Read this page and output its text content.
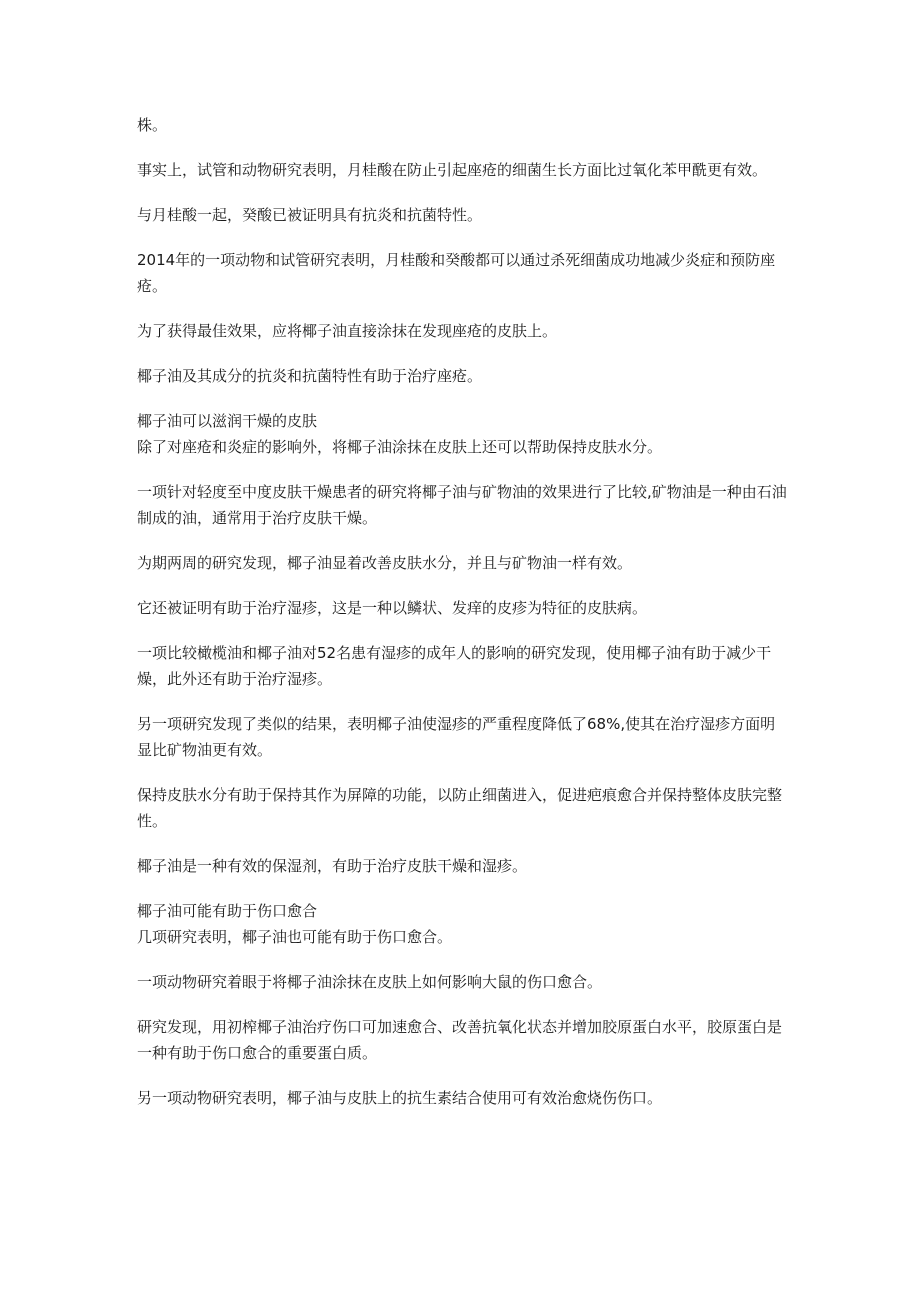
株。

事实上，试管和动物研究表明，月桂酸在防止引起座疮的细菌生长方面比过氧化苯甲酰更有效。

与月桂酸一起，癸酸已被证明具有抗炎和抗菌特性。

2014年的一项动物和试管研究表明，月桂酸和癸酸都可以通过杀死细菌成功地减少炎症和预防座疮。

为了获得最佳效果，应将椰子油直接涂抹在发现座疮的皮肤上。

椰子油及其成分的抗炎和抗菌特性有助于治疗座疮。

椰子油可以滋润干燥的皮肤

除了对座疮和炎症的影响外，将椰子油涂抹在皮肤上还可以帮助保持皮肤水分。

一项针对轻度至中度皮肤干燥患者的研究将椰子油与矿物油的效果进行了比较,矿物油是一种由石油制成的油，通常用于治疗皮肤干燥。

为期两周的研究发现，椰子油显着改善皮肤水分，并且与矿物油一样有效。

它还被证明有助于治疗湿疹，这是一种以鳞状、发痒的皮疹为特征的皮肤病。

一项比较橄榄油和椰子油对52名患有湿疹的成年人的影响的研究发现，使用椰子油有助于减少干燥，此外还有助于治疗湿疹。

另一项研究发现了类似的结果，表明椰子油使湿疹的严重程度降低了68%,使其在治疗湿疹方面明显比矿物油更有效。

保持皮肤水分有助于保持其作为屏障的功能，以防止细菌进入，促进疤痕愈合并保持整体皮肤完整性。

椰子油是一种有效的保湿剂，有助于治疗皮肤干燥和湿疹。

椰子油可能有助于伤口愈合

几项研究表明，椰子油也可能有助于伤口愈合。

一项动物研究着眼于将椰子油涂抹在皮肤上如何影响大鼠的伤口愈合。

研究发现，用初榨椰子油治疗伤口可加速愈合、改善抗氧化状态并增加胶原蛋白水平，胶原蛋白是一种有助于伤口愈合的重要蛋白质。

另一项动物研究表明，椰子油与皮肤上的抗生素结合使用可有效治愈烧伤伤口。
